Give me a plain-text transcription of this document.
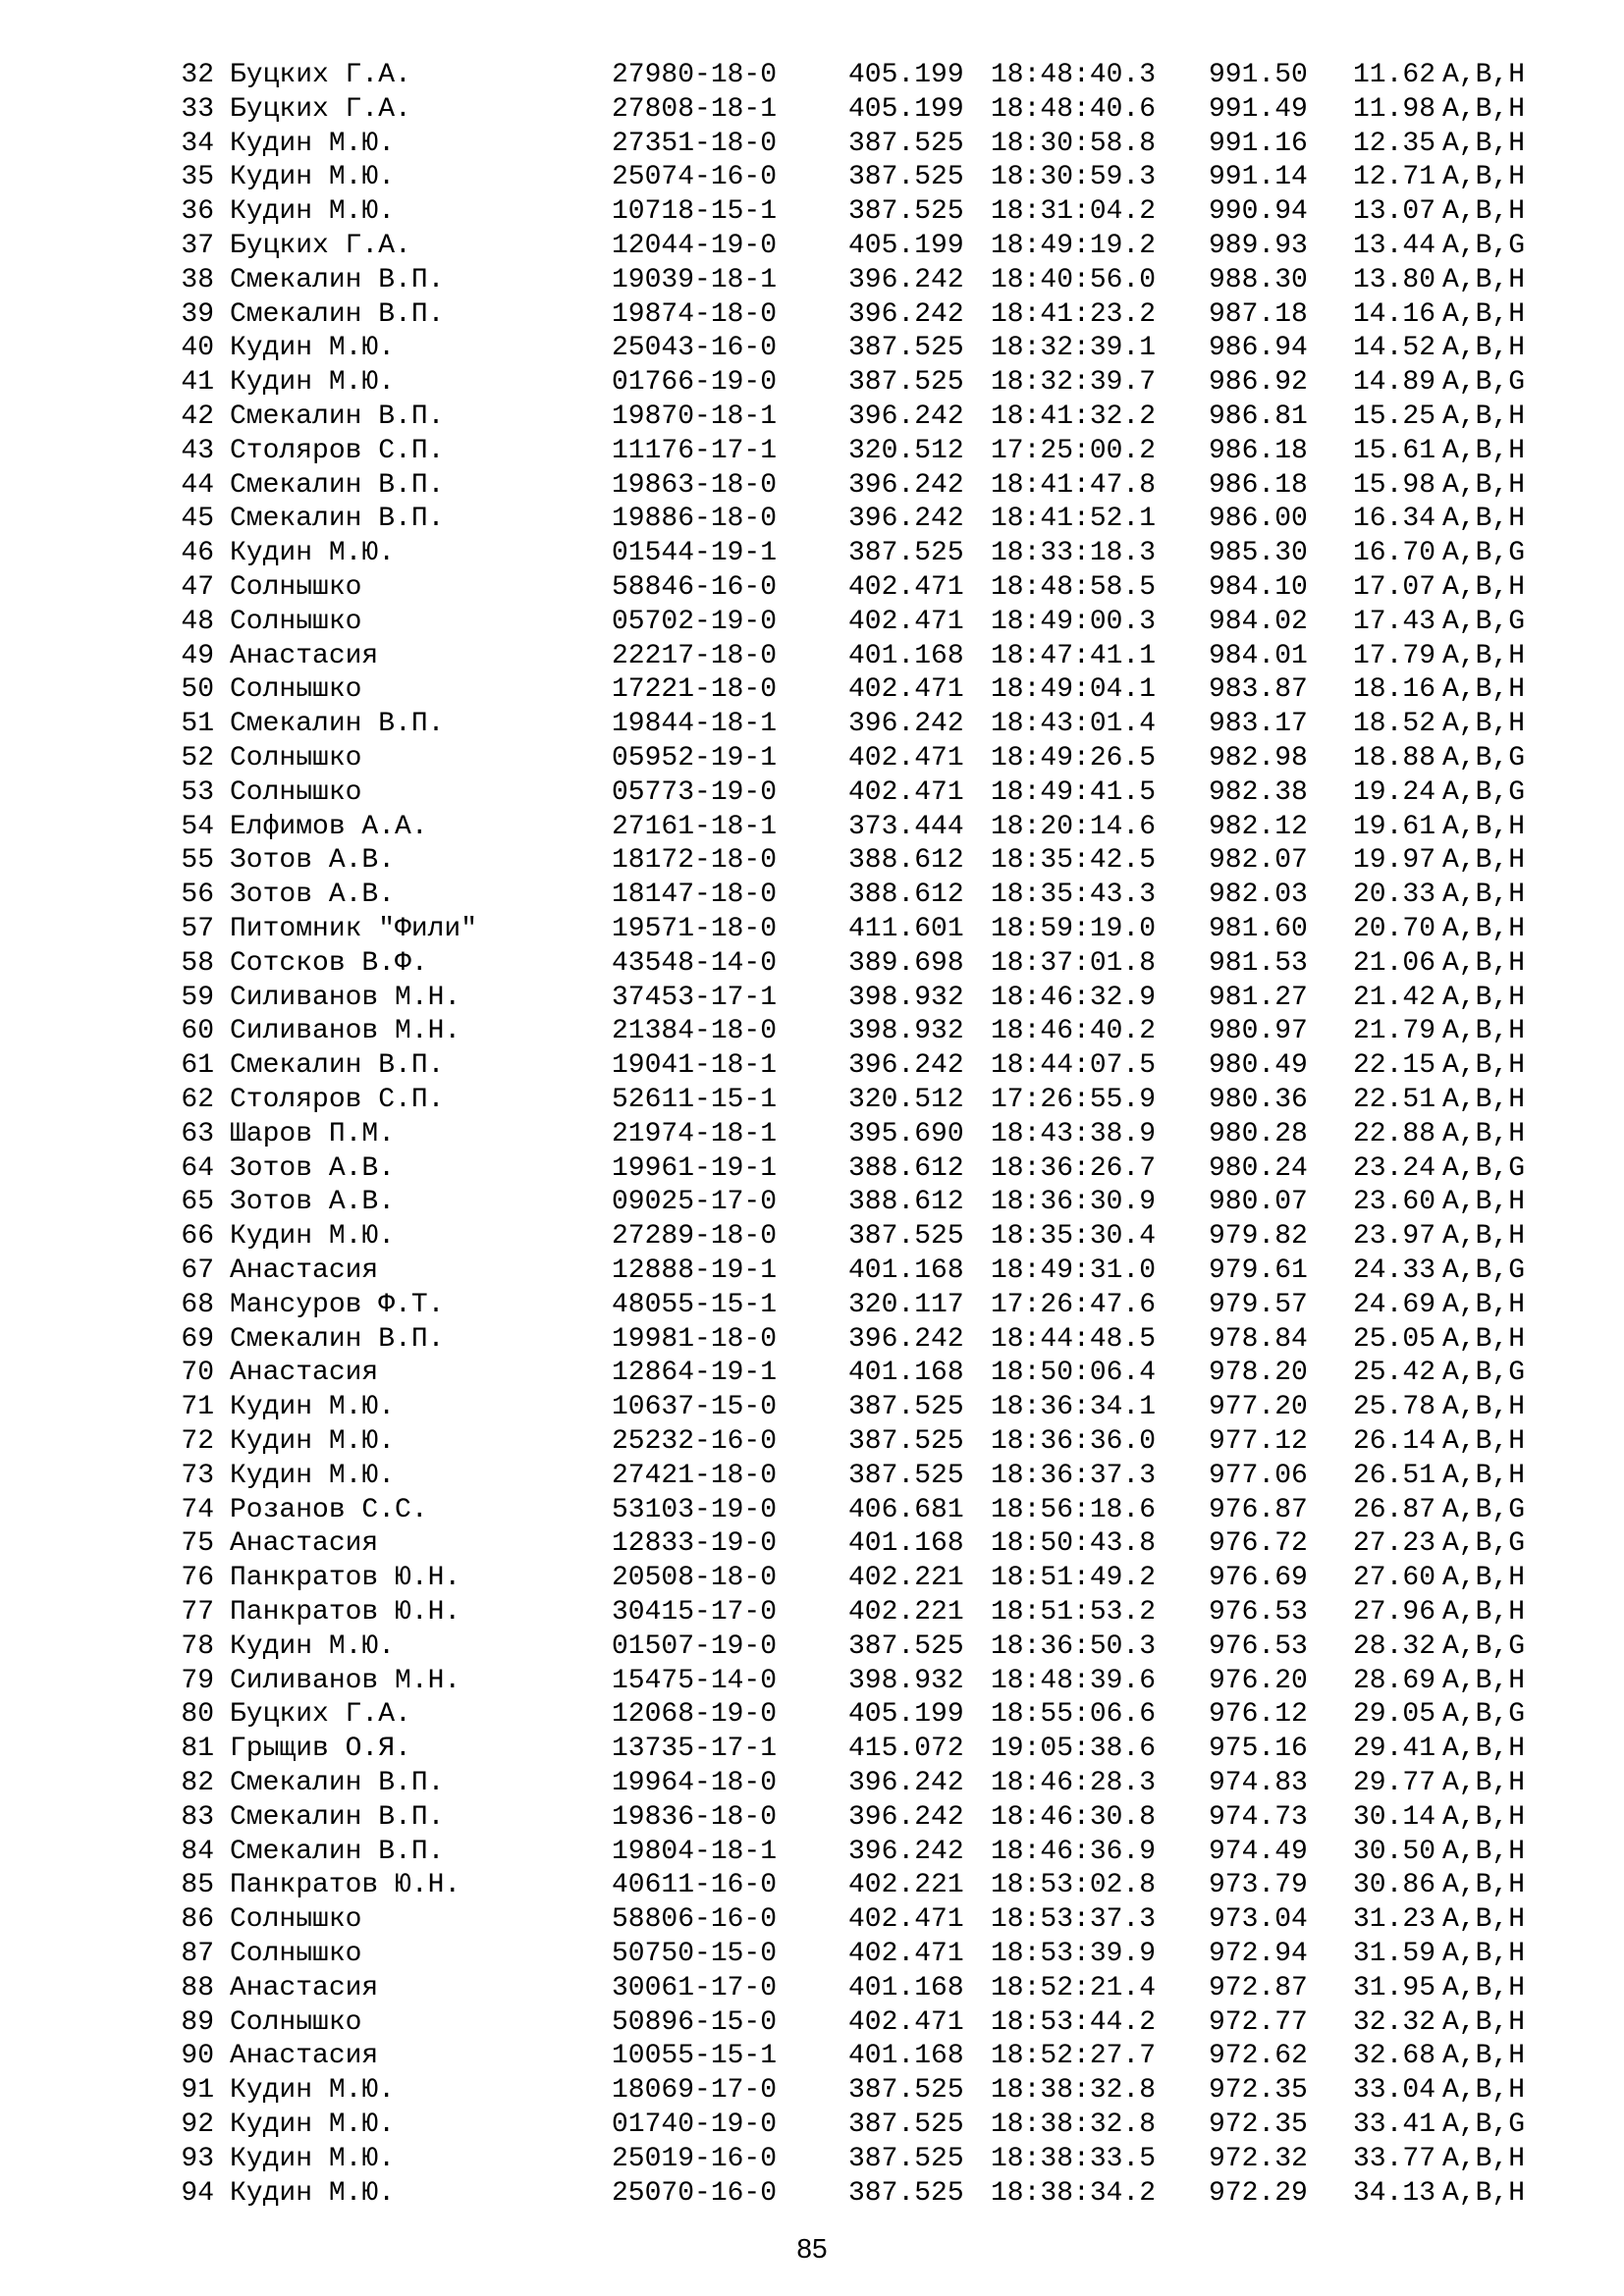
32 Буцких Г.А.	27980-18-0	405.199 18:48:40.3 991.50 11.62 A,B,H
33 Буцких Г.А.	27808-18-1	405.199 18:48:40.6 991.49 11.98 A,B,H
34 Кудин М.Ю.	27351-18-0	387.525 18:30:58.8 991.16 12.35 A,B,H
35 Кудин М.Ю.	25074-16-0	387.525 18:30:59.3 991.14 12.71 A,B,H
36 Кудин М.Ю.	10718-15-1	387.525 18:31:04.2 990.94 13.07 A,B,H
37 Буцких Г.А.	12044-19-0	405.199 18:49:19.2 989.93 13.44 A,B,G
38 Смекалин В.П.	19039-18-1	396.242 18:40:56.0 988.30 13.80 A,B,H
39 Смекалин В.П.	19874-18-0	396.242 18:41:23.2 987.18 14.16 A,B,H
40 Кудин М.Ю.	25043-16-0	387.525 18:32:39.1 986.94 14.52 A,B,H
41 Кудин М.Ю.	01766-19-0	387.525 18:32:39.7 986.92 14.89 A,B,G
42 Смекалин В.П.	19870-18-1	396.242 18:41:32.2 986.81 15.25 A,B,H
43 Столяров С.П.	11176-17-1	320.512 17:25:00.2 986.18 15.61 A,B,H
44 Смекалин В.П.	19863-18-0	396.242 18:41:47.8 986.18 15.98 A,B,H
45 Смекалин В.П.	19886-18-0	396.242 18:41:52.1 986.00 16.34 A,B,H
46 Кудин М.Ю.	01544-19-1	387.525 18:33:18.3 985.30 16.70 A,B,G
47 Солнышко	58846-16-0	402.471 18:48:58.5 984.10 17.07 A,B,H
48 Солнышко	05702-19-0	402.471 18:49:00.3 984.02 17.43 A,B,G
49 Анастасия	22217-18-0	401.168 18:47:41.1 984.01 17.79 A,B,H
50 Солнышко	17221-18-0	402.471 18:49:04.1 983.87 18.16 A,B,H
51 Смекалин В.П.	19844-18-1	396.242 18:43:01.4 983.17 18.52 A,B,H
52 Солнышко	05952-19-1	402.471 18:49:26.5 982.98 18.88 A,B,G
53 Солнышко	05773-19-0	402.471 18:49:41.5 982.38 19.24 A,B,G
54 Елфимов А.А.	27161-18-1	373.444 18:20:14.6 982.12 19.61 A,B,H
55 Зотов А.В.	18172-18-0	388.612 18:35:42.5 982.07 19.97 A,B,H
56 Зотов А.В.	18147-18-0	388.612 18:35:43.3 982.03 20.33 A,B,H
57 Питомник "Фили"	19571-18-0	411.601 18:59:19.0 981.60 20.70 A,B,H
58 Сотсков В.Ф.	43548-14-0	389.698 18:37:01.8 981.53 21.06 A,B,H
59 Силиванов М.Н.	37453-17-1	398.932 18:46:32.9 981.27 21.42 A,B,H
60 Силиванов М.Н.	21384-18-0	398.932 18:46:40.2 980.97 21.79 A,B,H
61 Смекалин В.П.	19041-18-1	396.242 18:44:07.5 980.49 22.15 A,B,H
62 Столяров С.П.	52611-15-1	320.512 17:26:55.9 980.36 22.51 A,B,H
63 Шаров П.М.	21974-18-1	395.690 18:43:38.9 980.28 22.88 A,B,H
64 Зотов А.В.	19961-19-1	388.612 18:36:26.7 980.24 23.24 A,B,G
65 Зотов А.В.	09025-17-0	388.612 18:36:30.9 980.07 23.60 A,B,H
66 Кудин М.Ю.	27289-18-0	387.525 18:35:30.4 979.82 23.97 A,B,H
67 Анастасия	12888-19-1	401.168 18:49:31.0 979.61 24.33 A,B,G
68 Мансуров Ф.Т.	48055-15-1	320.117 17:26:47.6 979.57 24.69 A,B,H
69 Смекалин В.П.	19981-18-0	396.242 18:44:48.5 978.84 25.05 A,B,H
70 Анастасия	12864-19-1	401.168 18:50:06.4 978.20 25.42 A,B,G
71 Кудин М.Ю.	10637-15-0	387.525 18:36:34.1 977.20 25.78 A,B,H
72 Кудин М.Ю.	25232-16-0	387.525 18:36:36.0 977.12 26.14 A,B,H
73 Кудин М.Ю.	27421-18-0	387.525 18:36:37.3 977.06 26.51 A,B,H
74 Розанов С.С.	53103-19-0	406.681 18:56:18.6 976.87 26.87 A,B,G
75 Анастасия	12833-19-0	401.168 18:50:43.8 976.72 27.23 A,B,G
76 Панкратов Ю.Н.	20508-18-0	402.221 18:51:49.2 976.69 27.60 A,B,H
77 Панкратов Ю.Н.	30415-17-0	402.221 18:51:53.2 976.53 27.96 A,B,H
78 Кудин М.Ю.	01507-19-0	387.525 18:36:50.3 976.53 28.32 A,B,G
79 Силиванов М.Н.	15475-14-0	398.932 18:48:39.6 976.20 28.69 A,B,H
80 Буцких Г.А.	12068-19-0	405.199 18:55:06.6 976.12 29.05 A,B,G
81 Грыщив О.Я.	13735-17-1	415.072 19:05:38.6 975.16 29.41 A,B,H
82 Смекалин В.П.	19964-18-0	396.242 18:46:28.3 974.83 29.77 A,B,H
83 Смекалин В.П.	19836-18-0	396.242 18:46:30.8 974.73 30.14 A,B,H
84 Смекалин В.П.	19804-18-1	396.242 18:46:36.9 974.49 30.50 A,B,H
85 Панкратов Ю.Н.	40611-16-0	402.221 18:53:02.8 973.79 30.86 A,B,H
86 Солнышко	58806-16-0	402.471 18:53:37.3 973.04 31.23 A,B,H
87 Солнышко	50750-15-0	402.471 18:53:39.9 972.94 31.59 A,B,H
88 Анастасия	30061-17-0	401.168 18:52:21.4 972.87 31.95 A,B,H
89 Солнышко	50896-15-0	402.471 18:53:44.2 972.77 32.32 A,B,H
90 Анастасия	10055-15-1	401.168 18:52:27.7 972.62 32.68 A,B,H
91 Кудин М.Ю.	18069-17-0	387.525 18:38:32.8 972.35 33.04 A,B,H
92 Кудин М.Ю.	01740-19-0	387.525 18:38:32.8 972.35 33.41 A,B,G
93 Кудин М.Ю.	25019-16-0	387.525 18:38:33.5 972.32 33.77 A,B,H
94 Кудин М.Ю.	25070-16-0	387.525 18:38:34.2 972.29 34.13 A,B,H
85
